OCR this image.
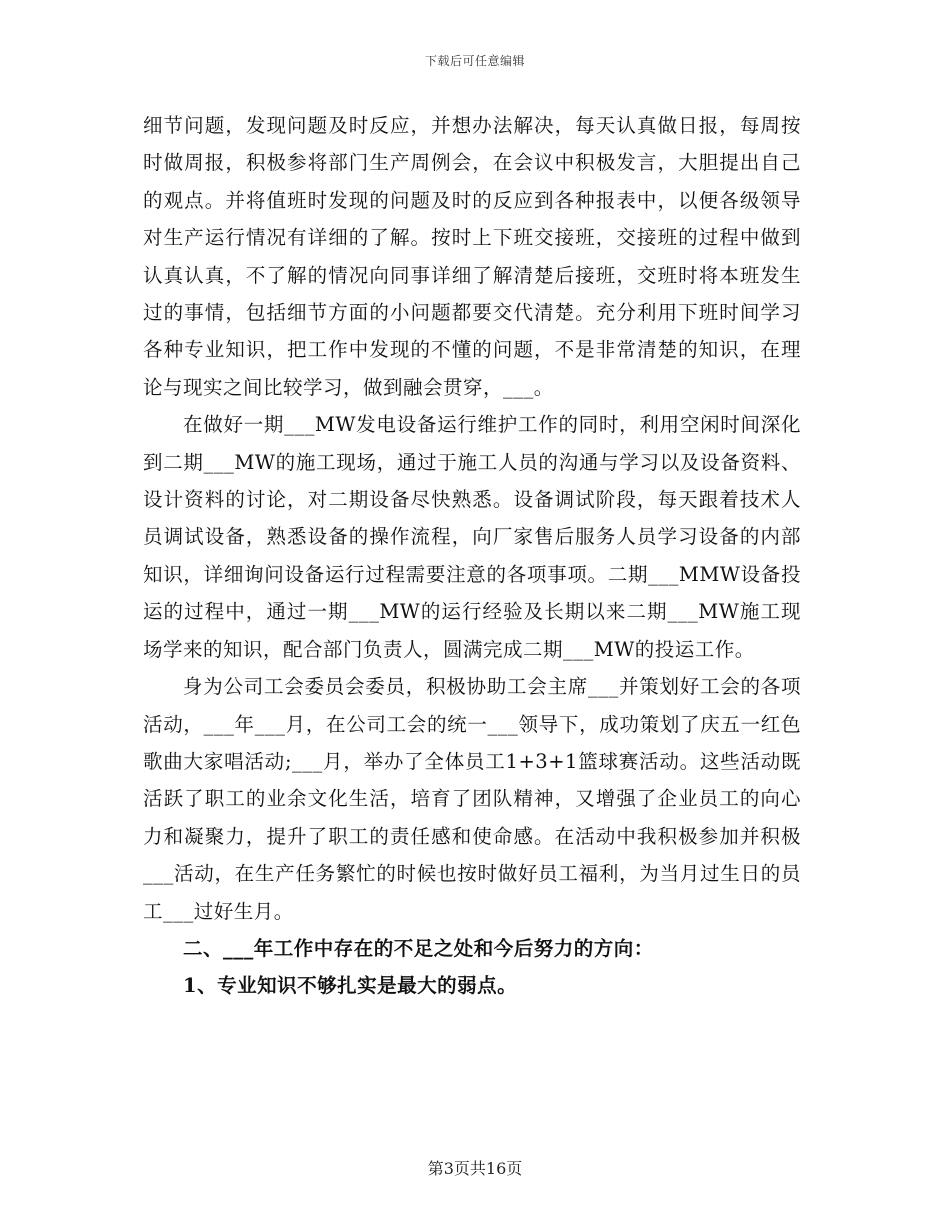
下载后可任意编辑

细节问题，发现问题及时反应，并想办法解决，每天认真做日报，每周按时做周报，积极参将部门生产周例会，在会议中积极发言，大胆提出自己的观点。并将值班时发现的问题及时的反应到各种报表中，以便各级领导对生产运行情况有详细的了解。按时上下班交接班，交接班的过程中做到认真认真，不了解的情况向同事详细了解清楚后接班，交班时将本班发生过的事情，包括细节方面的小问题都要交代清楚。充分利用下班时间学习各种专业知识，把工作中发现的不懂的问题，不是非常清楚的知识，在理论与现实之间比较学习，做到融会贯穿，___。

在做好一期___MW发电设备运行维护工作的同时，利用空闲时间深化到二期___MW的施工现场，通过于施工人员的沟通与学习以及设备资料、设计资料的讨论，对二期设备尽快熟悉。设备调试阶段，每天跟着技术人员调试设备，熟悉设备的操作流程，向厂家售后服务人员学习设备的内部知识，详细询问设备运行过程需要注意的各项事项。二期___MMW设备投运的过程中，通过一期___MW的运行经验及长期以来二期___MW施工现场学来的知识，配合部门负责人，圆满完成二期___MW的投运工作。

身为公司工会委员会委员，积极协助工会主席___并策划好工会的各项活动，___年___月，在公司工会的统一___领导下，成功策划了庆五一红色歌曲大家唱活动;___月，举办了全体员工1+3+1篮球赛活动。这些活动既活跃了职工的业余文化生活，培育了团队精神，又增强了企业员工的向心力和凝聚力，提升了职工的责任感和使命感。在活动中我积极参加并积极___活动，在生产任务繁忙的时候也按时做好员工福利，为当月过生日的员工___过好生月。

二、___年工作中存在的不足之处和今后努力的方向：

1、专业知识不够扎实是最大的弱点。

第3页共16页
